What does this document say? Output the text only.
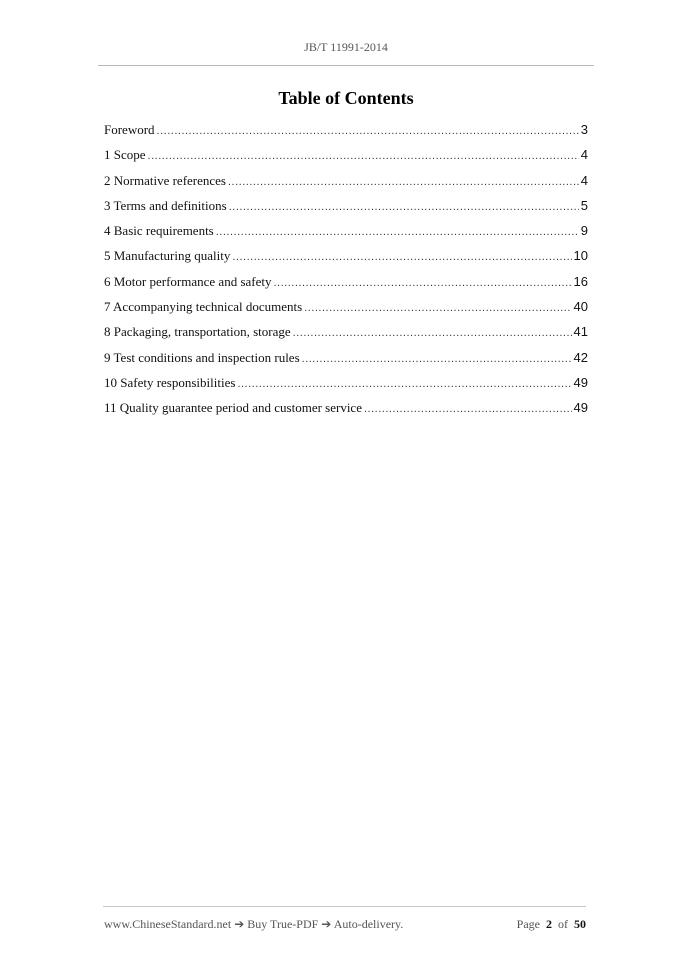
JB/T 11991-2014
Table of Contents
Foreword .....	3
1 Scope .....	4
2 Normative references .....	4
3 Terms and definitions .....	5
4 Basic requirements .....	9
5 Manufacturing quality .....	10
6 Motor performance and safety .....	16
7 Accompanying technical documents .....	40
8 Packaging, transportation, storage .....	41
9 Test conditions and inspection rules .....	42
10 Safety responsibilities .....	49
11 Quality guarantee period and customer service .....	49
www.ChineseStandard.net ➔ Buy True-PDF ➔ Auto-delivery.	Page 2 of 50
